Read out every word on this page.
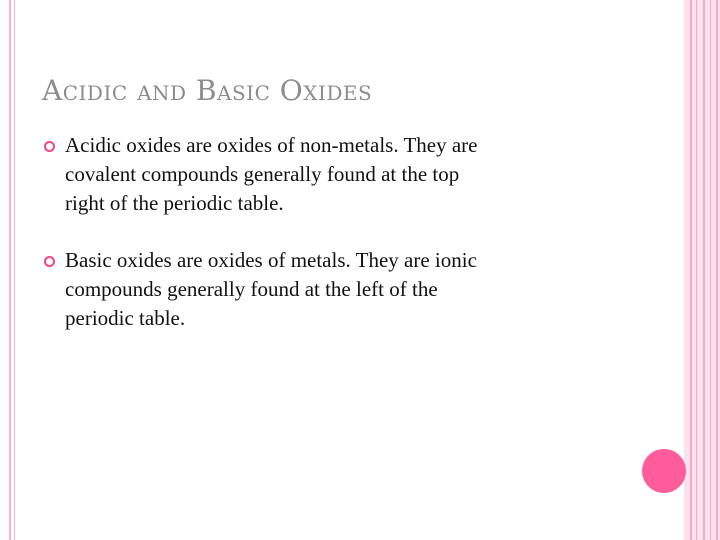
Acidic and Basic Oxides
Acidic oxides are oxides of non-metals. They are
covalent compounds generally found at the top
right of the periodic table.
Basic oxides are oxides of metals. They are ionic
compounds generally found at the left of the
periodic table.
